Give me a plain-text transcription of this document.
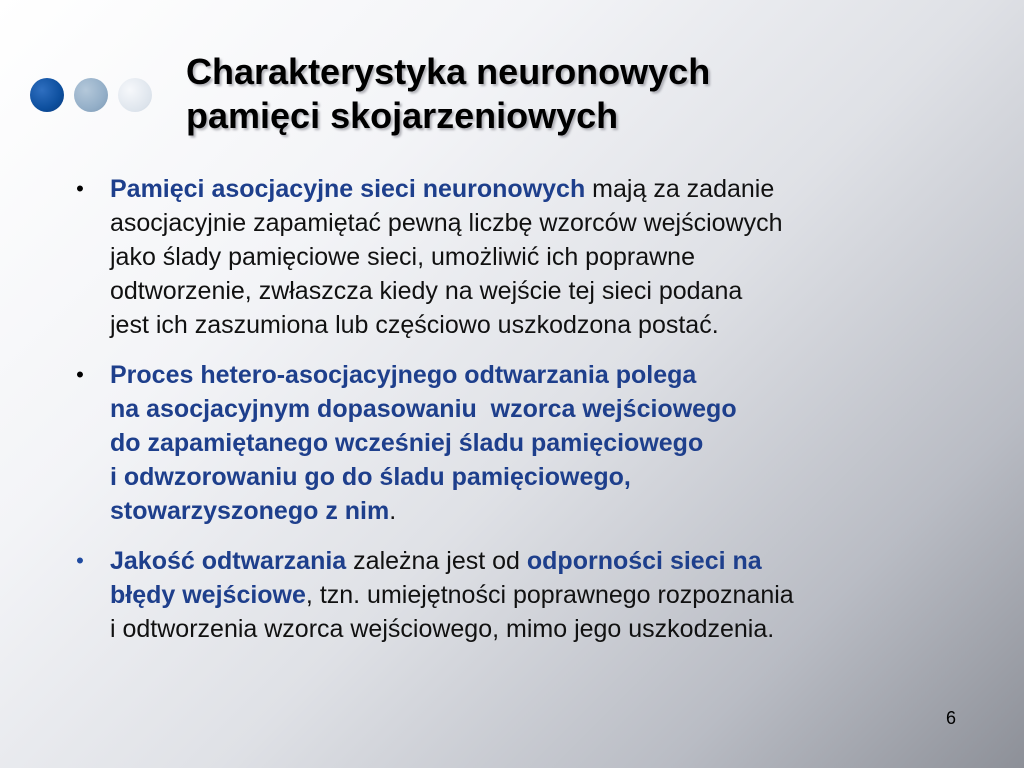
Charakterystyka neuronowych
pamięci skojarzeniowych
• Pamięci asocjacyjne sieci neuronowych mają za zadanie
asocjacyjnie zapamiętać pewną liczbę wzorców wejściowych
jako ślady pamięciowe sieci, umożliwić ich poprawne
odtworzenie, zwłaszcza kiedy na wejście tej sieci podana
jest ich zaszumiona lub częściowo uszkodzona postać.
• Proces hetero-asocjacyjnego odtwarzania polega
na asocjacyjnym dopasowaniu  wzorca wejściowego
do zapamiętanego wcześniej śladu pamięciowego
i odwzorowaniu go do śladu pamięciowego,
stowarzyszonego z nim.
• Jakość odtwarzania zależna jest od odporności sieci na
błędy wejściowe, tzn. umiejętności poprawnego rozpoznania
i odtworzenia wzorca wejściowego, mimo jego uszkodzenia.
6
